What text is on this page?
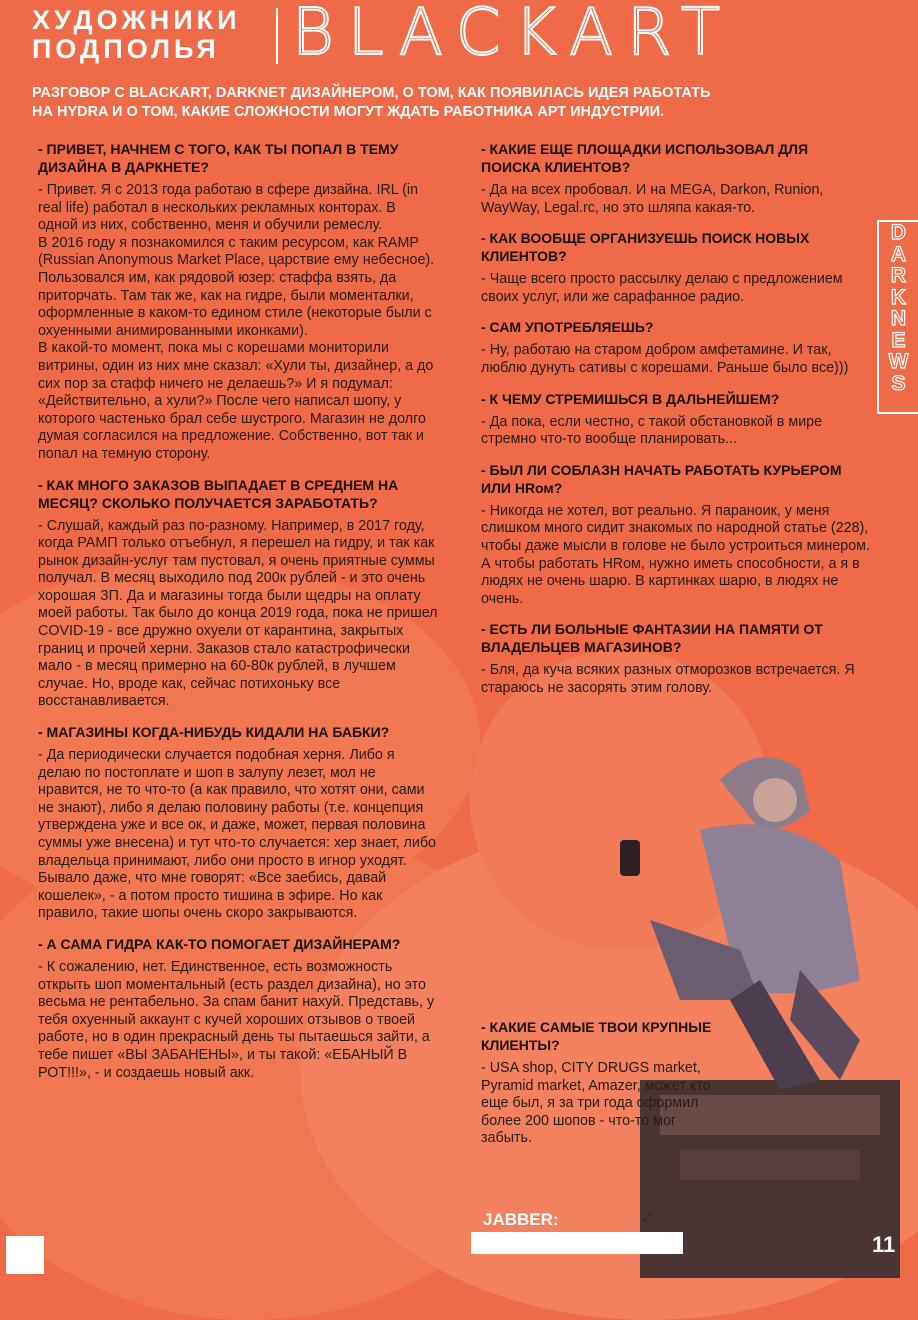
ХУДОЖНИКИ
ПОДПОЛЬЯ	BLACKART
РАЗГОВОР С BLACKART, DARKNET ДИЗАЙНЕРОМ, О ТОМ, КАК ПОЯВИЛАСЬ ИДЕЯ РАБОТАТЬ НА HYDRA И О ТОМ, КАКИЕ СЛОЖНОСТИ МОГУТ ЖДАТЬ РАБОТНИКА АРТ ИНДУСТРИИ.
- ПРИВЕТ, НАЧНЕМ С ТОГО, КАК ТЫ ПОПАЛ В ТЕМУ ДИЗАЙНА В ДАРКНЕТЕ?
- Привет. Я с 2013 года работаю в сфере дизайна. IRL (in real life) работал в нескольких рекламных конторах. В одной из них, собственно, меня и обучили ремеслу.
В 2016 году я познакомился с таким ресурсом, как RAMP (Russian Anonymous Market Place, царствие ему небесное). Пользовался им, как рядовой юзер: стаффа взять, да приторчать. Там так же, как на гидре, были моменталки, оформленные в каком-то едином стиле (некоторые были с охуенными анимированными иконками).
В какой-то момент, пока мы с корешами мониторили витрины, один из них мне сказал: «Хули ты, дизайнер, а до сих пор за стафф ничего не делаешь?» И я подумал: «Действительно, а хули?» После чего написал шопу, у которого частенько брал себе шустрого. Магазин не долго думая согласился на предложение. Собственно, вот так и попал на темную сторону.
- КАК МНОГО ЗАКАЗОВ ВЫПАДАЕТ В СРЕДНЕМ НА МЕСЯЦ? СКОЛЬКО ПОЛУЧАЕТСЯ ЗАРАБОТАТЬ?
- Слушай, каждый раз по-разному. Например, в 2017 году, когда РАМП только отъебнул, я перешел на гидру, и так как рынок дизайн-услуг там пустовал, я очень приятные суммы получал. В месяц выходило под 200к рублей - и это очень хорошая ЗП. Да и магазины тогда были щедры на оплату моей работы. Так было до конца 2019 года, пока не пришел COVID-19 - все дружно охуели от карантина, закрытых границ и прочей херни. Заказов стало катастрофически мало - в месяц примерно на 60-80к рублей, в лучшем случае. Но, вроде как, сейчас потихоньку все восстанавливается.
- МАГАЗИНЫ КОГДА-НИБУДЬ КИДАЛИ НА БАБКИ?
- Да периодически случается подобная херня. Либо я делаю по постоплате и шоп в залупу лезет, мол не нравится, не то что-то (а как правило, что хотят они, сами не знают), либо я делаю половину работы (т.е. концепция утверждена уже и все ок, и даже, может, первая половина суммы уже внесена) и тут что-то случается: хер знает, либо владельца принимают, либо они просто в игнор уходят. Бывало даже, что мне говорят: «Все заебись, давай кошелек», - а потом просто тишина в эфире. Но как правило, такие шопы очень скоро закрываются.
- А САМА ГИДРА КАК-ТО ПОМОГАЕТ ДИЗАЙНЕРАМ?
- К сожалению, нет. Единственное, есть возможность открыть шоп моментальный (есть раздел дизайна), но это весьма не рентабельно. За спам банит нахуй. Представь, у тебя охуенный аккаунт с кучей хороших отзывов о твоей работе, но в один прекрасный день ты пытаешься зайти, а тебе пишет «ВЫ ЗАБАНЕНЫ», и ты такой: «ЕБАНЫЙ В РОТ!!!», - и создаешь новый акк.
- КАКИЕ ЕЩЕ ПЛОЩАДКИ ИСПОЛЬЗОВАЛ ДЛЯ ПОИСКА КЛИЕНТОВ?
- Да на всех пробовал. И на MEGA, Darkon, Runion, WayWay, Legal.rc, но это шляпа какая-то.
- КАК ВООБЩЕ ОРГАНИЗУЕШЬ ПОИСК НОВЫХ КЛИЕНТОВ?
- Чаще всего просто рассылку делаю с предложением своих услуг, или же сарафанное радио.
- САМ УПОТРЕБЛЯЕШЬ?
- Ну, работаю на старом добром амфетамине. И так, люблю дунуть сативы с корешами. Раньше было все)))
- К ЧЕМУ СТРЕМИШЬСЯ В ДАЛЬНЕЙШЕМ?
- Да пока, если честно, с такой обстановкой в мире стремно что-то вообще планировать...
- БЫЛ ЛИ СОБЛАЗН НАЧАТЬ РАБОТАТЬ КУРЬЕРОМ ИЛИ HRом?
- Никогда не хотел, вот реально. Я параноик, у меня слишком много сидит знакомых по народной статье (228), чтобы даже мысли в голове не было устроиться минером. А чтобы работать HRом, нужно иметь способности, а я в людях не очень шарю. В картинках шарю, в людях не очень.
- ЕСТЬ ЛИ БОЛЬНЫЕ ФАНТАЗИИ НА ПАМЯТИ ОТ ВЛАДЕЛЬЦЕВ МАГАЗИНОВ?
- Бля, да куча всяких разных отморозков встречается. Я стараюсь не засорять этим голову.
D
A
R
K
N
E
W
S
- КАКИЕ САМЫЕ ТВОИ КРУПНЫЕ КЛИЕНТЫ?
- USA shop, CITY DRUGS market, Pyramid market, Amazer, может кто еще был, я за три года оформил более 200 шопов - что-то мог забыть.
JABBER:	✓
11
